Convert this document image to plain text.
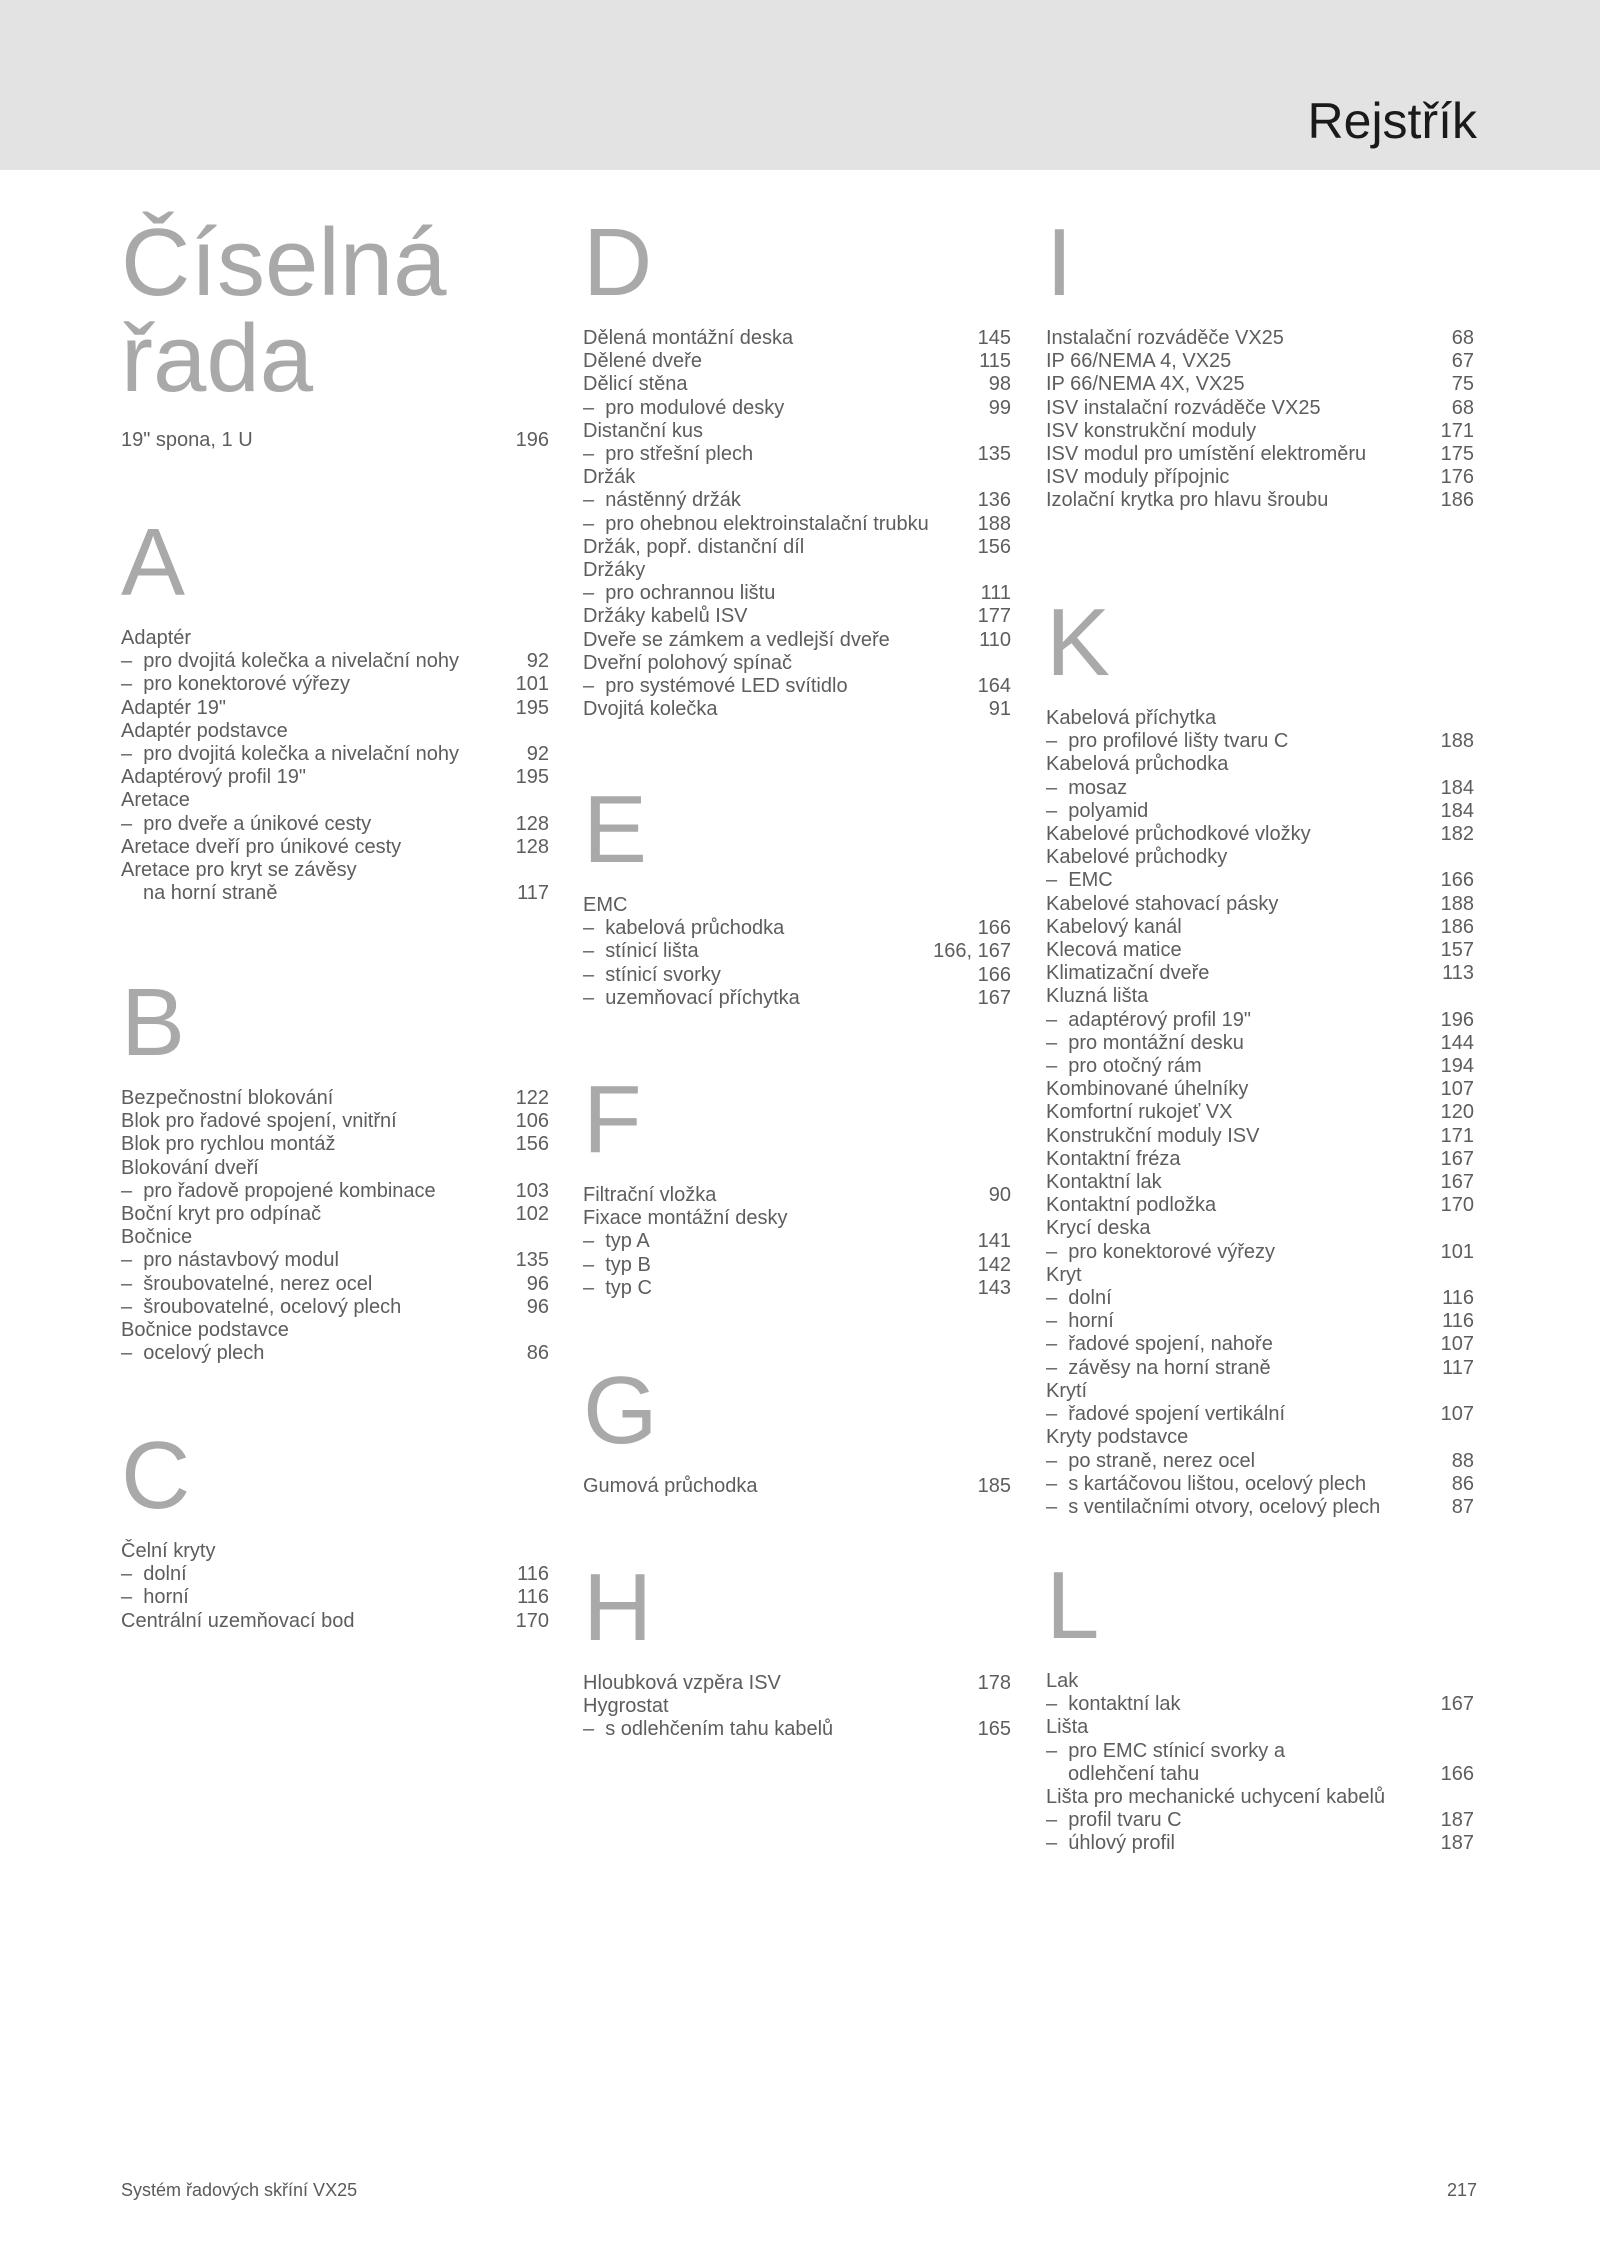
Rejstřík
Číselná řada
19" spona, 1 U	196
A
Adaptér
–  pro dvojitá kolečka a nivelační nohy	92
–  pro konektorové výřezy	101
Adaptér 19"	195
Adaptér podstavce
–  pro dvojitá kolečka a nivelační nohy	92
Adaptérový profil 19"	195
Aretace
–  pro dveře a únikové cesty	128
Aretace dveří pro únikové cesty	128
Aretace pro kryt se závěsy
na horní straně	117
B
Bezpečnostní blokování	122
Blok pro řadové spojení, vnitřní	106
Blok pro rychlou montáž	156
Blokování dveří
–  pro řadově propojené kombinace	103
Boční kryt pro odpínač	102
Bočnice
–  pro nástavbový modul	135
–  šroubovatelné, nerez ocel	96
–  šroubovatelné, ocelový plech	96
Bočnice podstavce
–  ocelový plech	86
C
Čelní kryty
–  dolní	116
–  horní	116
Centrální uzemňovací bod	170
D
Dělená montážní deska	145
Dělené dveře	115
Dělicí stěna	98
–  pro modulové desky	99
Distanční kus
–  pro střešní plech	135
Držák
–  nástěnný držák	136
–  pro ohebnou elektroinstalační trubku	188
Držák, popř. distanční díl	156
Držáky
–  pro ochrannou lištu	111
Držáky kabelů ISV	177
Dveře se zámkem a vedlejší dveře	110
Dveřní polohový spínač
–  pro systémové LED svítidlo	164
Dvojitá kolečka	91
E
EMC
–  kabelová průchodka	166
–  stínicí lišta	166, 167
–  stínicí svorky	166
–  uzemňovací příchytka	167
F
Filtrační vložka	90
Fixace montážní desky
–  typ A	141
–  typ B	142
–  typ C	143
G
Gumová průchodka	185
H
Hloubková vzpěra ISV	178
Hygrostat
–  s odlehčením tahu kabelů	165
I
Instalační rozváděče VX25	68
IP 66/NEMA 4, VX25	67
IP 66/NEMA 4X, VX25	75
ISV instalační rozváděče VX25	68
ISV konstrukční moduly	171
ISV modul pro umístění elektroměru	175
ISV moduly přípojnic	176
Izolační krytka pro hlavu šroubu	186
K
Kabelová příchytka
–  pro profilové lišty tvaru C	188
Kabelová průchodka
–  mosaz	184
–  polyamid	184
Kabelové průchodkové vložky	182
Kabelové průchodky
–  EMC	166
Kabelové stahovací pásky	188
Kabelový kanál	186
Klecová matice	157
Klimatizační dveře	113
Kluzná lišta
–  adaptérový profil 19"	196
–  pro montážní desku	144
–  pro otočný rám	194
Kombinované úhelníky	107
Komfortní rukojeť VX	120
Konstrukční moduly ISV	171
Kontaktní fréza	167
Kontaktní lak	167
Kontaktní podložka	170
Krycí deska
–  pro konektorové výřezy	101
Kryt
–  dolní	116
–  horní	116
–  řadové spojení, nahoře	107
–  závěsy na horní straně	117
Krytí
–  řadové spojení vertikální	107
Kryty podstavce
–  po straně, nerez ocel	88
–  s kartáčovou lištou, ocelový plech	86
–  s ventilačními otvory, ocelový plech	87
L
Lak
–  kontaktní lak	167
Lišta
–  pro EMC stínicí svorky a
odlehčení tahu	166
Lišta pro mechanické uchycení kabelů
–  profil tvaru C	187
–  úhlový profil	187
Systém řadových skříní VX25	217
